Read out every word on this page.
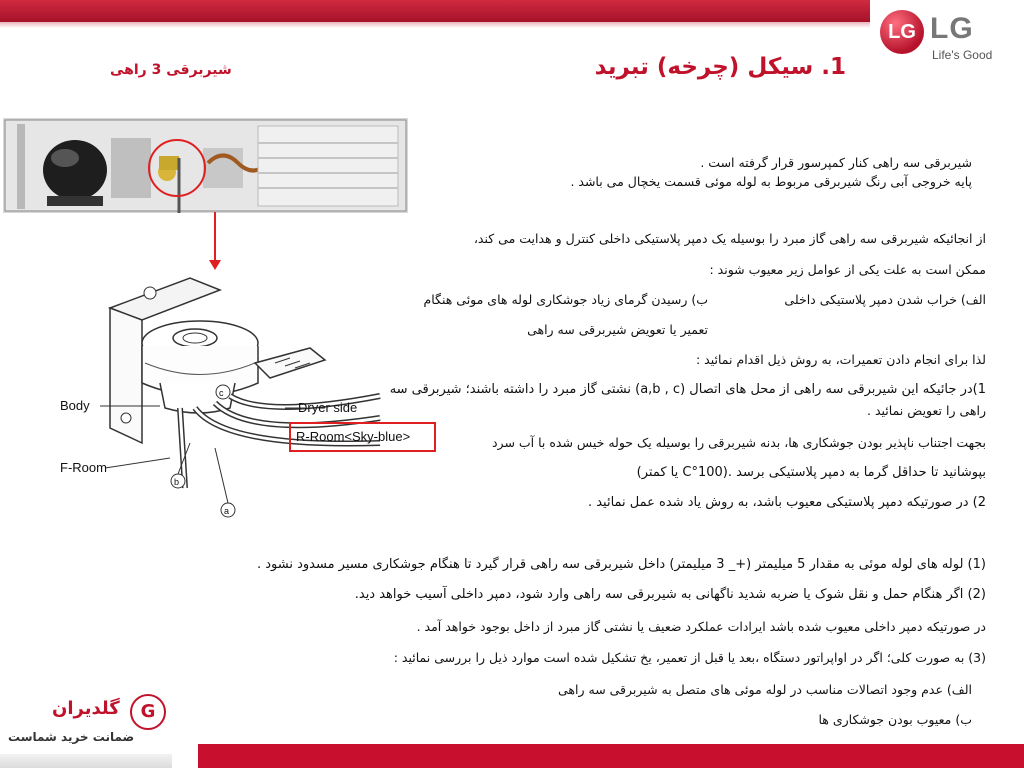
LG LG
Life's Good
1. سیکل (چرخه) تبرید
شیربرقی 3 راهی
Body	Dryer side
R-Room<Sky-blue>
F-Room
c
b
a
شیربرقی سه راهی کنار کمپرسور قرار گرفته است .
پایه خروجی آبی رنگ شیربرقی مربوط به لوله موئی قسمت یخچال می باشد .
از انجائیکه شیربرقی سه راهی گاز مبرد را بوسیله یک دمپر پلاستیکی داخلی کنترل و هدایت می کند،
ممکن است به علت یکی از عوامل زیر معیوب شوند :
الف) خراب شدن دمپر پلاستیکی داخلی
ب) رسیدن گرمای زیاد جوشکاری لوله های موئی هنگام
تعمیر یا تعویض شیربرقی سه راهی
لذا برای انجام دادن تعمیرات، به روش ذیل اقدام نمائید :
1)در جائیکه این شیربرقی سه راهی از محل های اتصال (a,b , c) نشتی گاز مبرد را داشته باشند؛ شیربرقی سه
راهی را تعویض نمائید .
بجهت اجتناب ناپذیر بودن جوشکاری ها، بدنه شیربرقی را بوسیله یک حوله خیس شده با آب سرد
بپوشانید تا حداقل گرما به دمپر پلاستیکی برسد .(100°C یا کمتر)
2) در صورتیکه دمپر پلاستیکی معیوب باشد، به روش یاد شده عمل نمائید .
(1) لوله های لوله موئی به مقدار 5 میلیمتر (+_ 3 میلیمتر) داخل شیربرقی سه راهی قرار گیرد تا هنگام جوشکاری مسیر مسدود نشود .
(2) اگر هنگام حمل و نقل شوک یا ضربه شدید ناگهانی به شیربرقی سه راهی وارد شود، دمپر داخلی آسیب خواهد دید.
در صورتیکه دمپر داخلی معیوب شده باشد ایرادات عملکرد ضعیف یا نشتی گاز مبرد از داخل بوجود خواهد آمد .
(3) به صورت کلی؛ اگر در اواپراتور دستگاه ،بعد یا قبل از تعمیر، یخ تشکیل شده است موارد ذیل را بررسی نمائید :
الف) عدم وجود اتصالات مناسب در لوله موئی های متصل به شیربرقی سه راهی
ب) معیوب بودن جوشکاری ها
گلدیران	G
ضمانت خرید شماست
